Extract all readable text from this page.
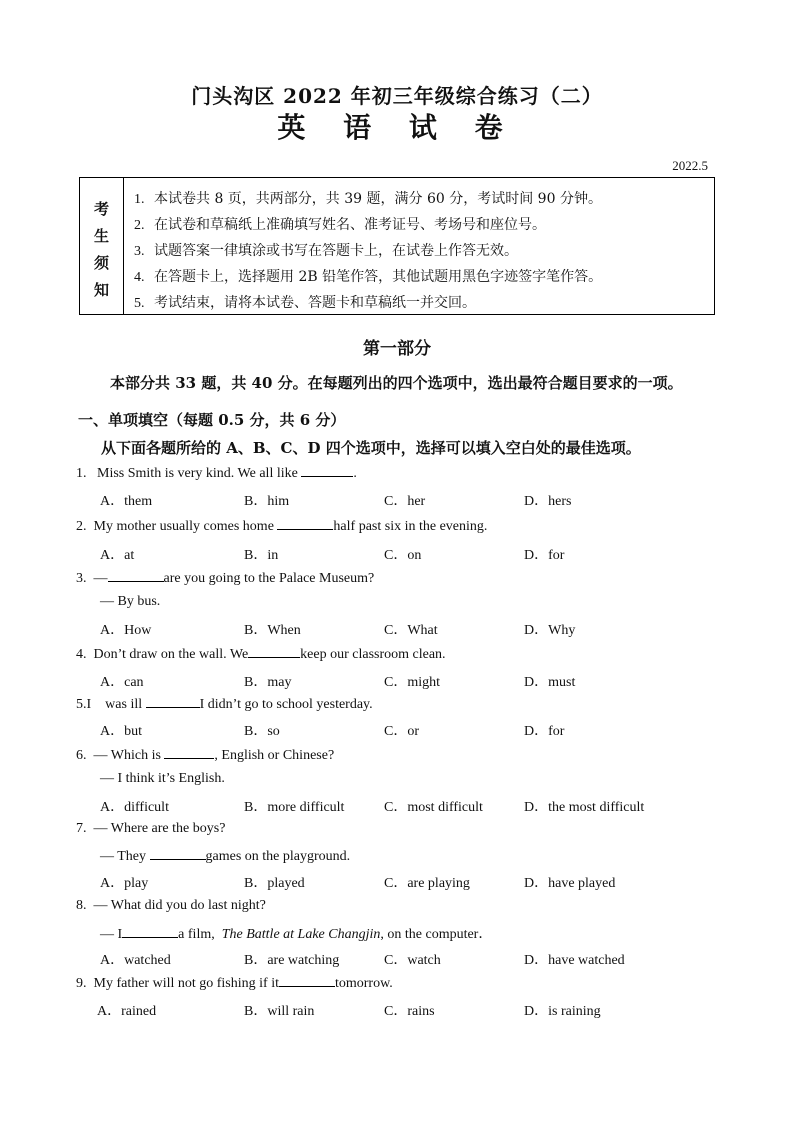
门头沟区 2022 年初三年级综合练习（二）
英 语 试 卷
2022.5
考
生
须
知
1. 本试卷共 8 页，共两部分，共 39 题，满分 60 分，考试时间 90 分钟。
2. 在试卷和草稿纸上准确填写姓名、准考证号、考场号和座位号。
3. 试题答案一律填涂或书写在答题卡上，在试卷上作答无效。
4. 在答题卡上，选择题用 2B 铅笔作答，其他试题用黑色字迹签字笔作答。
5. 考试结束，请将本试卷、答题卡和草稿纸一并交回。
第一部分
本部分共 33 题，共 40 分。在每题列出的四个选项中，选出最符合题目要求的一项。
一、单项填空（每题 0.5 分，共 6 分）
从下面各题所给的 A、B、C、D 四个选项中，选择可以填入空白处的最佳选项。
1. Miss Smith is very kind. We all like	.
A．them	B．him	C．her	D．hers
2. My mother usually comes home	half past six in the evening.
A．at	B．in	C．on	D．for
3. —	are you going to the Palace Museum?
— By bus.
A．How	B．When	C．What	D．Why
4. Don’t draw on the wall. We	keep our classroom clean.
A．can	B．may	C．might	D．must
5.I was ill	I didn’t go to school yesterday.
A．but	B．so	C．or	D．for
6. — Which is	, English or Chinese?
— I think it’s English.
A．difficult	B．more difficult	C．most difficult	D．the most difficult
7. — Where are the boys?
— They	games on the playground.
A．play	B．played	C．are playing	D．have played
8. — What did you do last night?
— I	a film, The Battle at Lake Changjin, on the computer．
A．watched	B．are watching	C．watch	D．have watched
9. My father will not go fishing if it	tomorrow.
A．rained	B．will rain	C．rains	D．is raining
